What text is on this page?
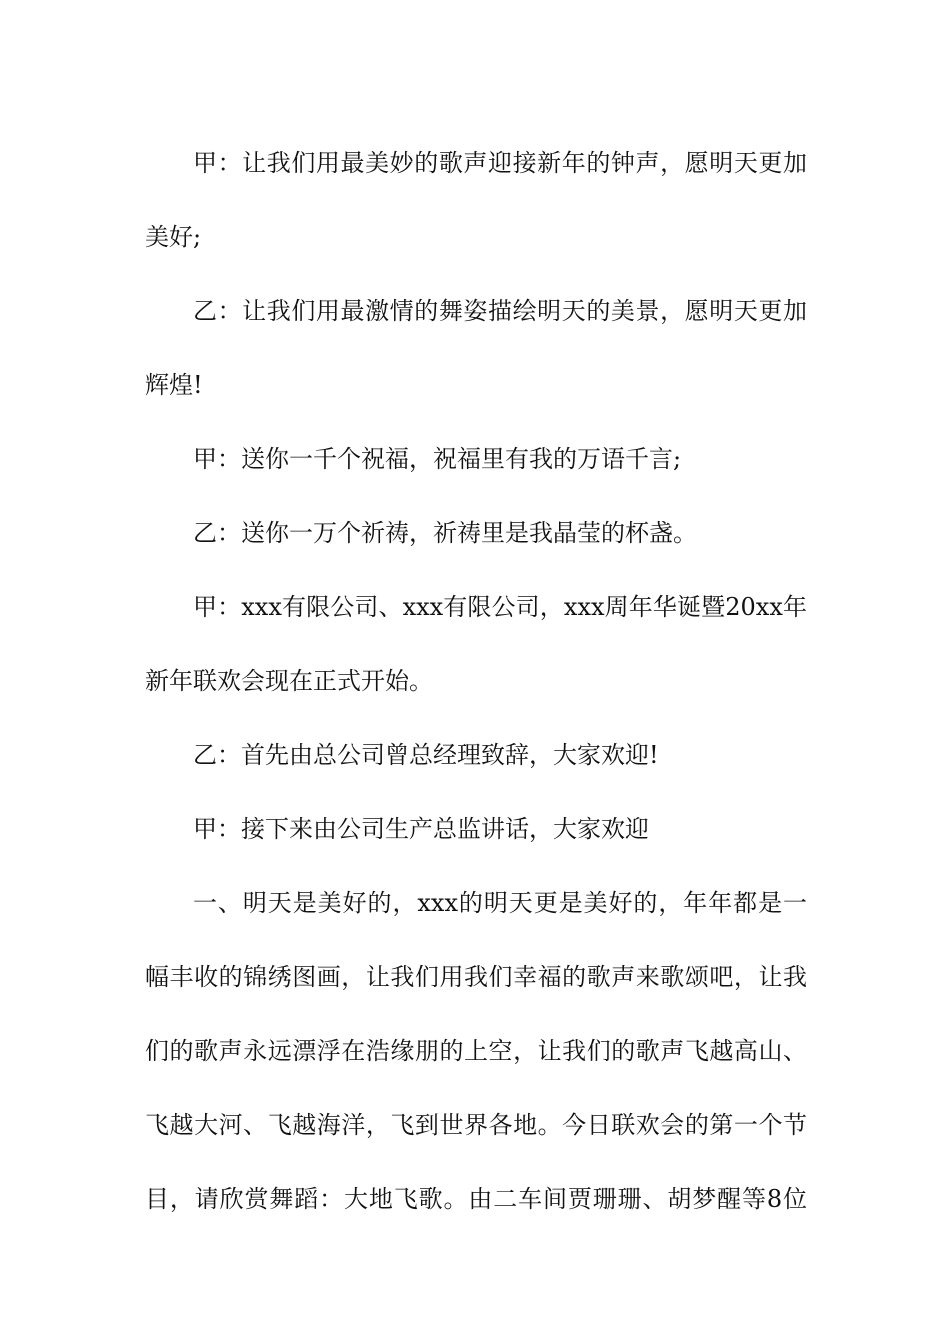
甲：让我们用最美妙的歌声迎接新年的钟声，愿明天更加
美好;
乙：让我们用最激情的舞姿描绘明天的美景，愿明天更加
辉煌!
甲：送你一千个祝福，祝福里有我的万语千言;
乙：送你一万个祈祷，祈祷里是我晶莹的杯盏。
甲：xxx有限公司、xxx有限公司，xxx周年华诞暨20xx年
新年联欢会现在正式开始。
乙：首先由总公司曾总经理致辞，大家欢迎!
甲：接下来由公司生产总监讲话，大家欢迎
一、明天是美好的，xxx的明天更是美好的，年年都是一
幅丰收的锦绣图画，让我们用我们幸福的歌声来歌颂吧，让我
们的歌声永远漂浮在浩缘朋的上空，让我们的歌声飞越高山、
飞越大河、飞越海洋，飞到世界各地。今日联欢会的第一个节
目，请欣赏舞蹈：大地飞歌。由二车间贾珊珊、胡梦醒等8位
